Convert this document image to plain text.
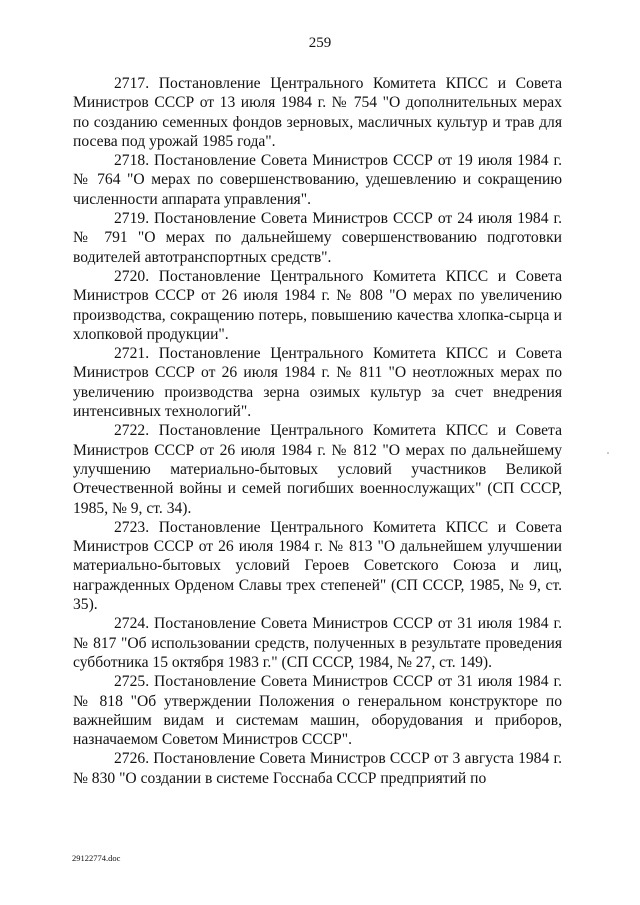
259

2717. Постановление Центрального Комитета КПСС и Совета Министров СССР от 13 июля 1984 г. № 754 "О дополнительных мерах по созданию семенных фондов зерновых, масличных культур и трав для посева под урожай 1985 года".

2718. Постановление Совета Министров СССР от 19 июля 1984 г. № 764 "О мерах по совершенствованию, удешевлению и сокращению численности аппарата управления".

2719. Постановление Совета Министров СССР от 24 июля 1984 г. № 791 "О мерах по дальнейшему совершенствованию подготовки водителей автотранспортных средств".

2720. Постановление Центрального Комитета КПСС и Совета Министров СССР от 26 июля 1984 г. № 808 "О мерах по увеличению производства, сокращению потерь, повышению качества хлопка-сырца и хлопковой продукции".

2721. Постановление Центрального Комитета КПСС и Совета Министров СССР от 26 июля 1984 г. № 811 "О неотложных мерах по увеличению производства зерна озимых культур за счет внедрения интенсивных технологий".

2722. Постановление Центрального Комитета КПСС и Совета Министров СССР от 26 июля 1984 г. № 812 "О мерах по дальнейшему улучшению материально-бытовых условий участников Великой Отечественной войны и семей погибших военнослужащих" (СП СССР, 1985, № 9, ст. 34).

2723. Постановление Центрального Комитета КПСС и Совета Министров СССР от 26 июля 1984 г. № 813 "О дальнейшем улучшении материально-бытовых условий Героев Советского Союза и лиц, награжденных Орденом Славы трех степеней" (СП СССР, 1985, № 9, ст. 35).

2724. Постановление Совета Министров СССР от 31 июля 1984 г. № 817 "Об использовании средств, полученных в результате проведения субботника 15 октября 1983 г." (СП СССР, 1984, № 27, ст. 149).

2725. Постановление Совета Министров СССР от 31 июля 1984 г. № 818 "Об утверждении Положения о генеральном конструкторе по важнейшим видам и системам машин, оборудования и приборов, назначаемом Советом Министров СССР".

2726. Постановление Совета Министров СССР от 3 августа 1984 г. № 830 "О создании в системе Госснаба СССР предприятий по

29122774.doc
